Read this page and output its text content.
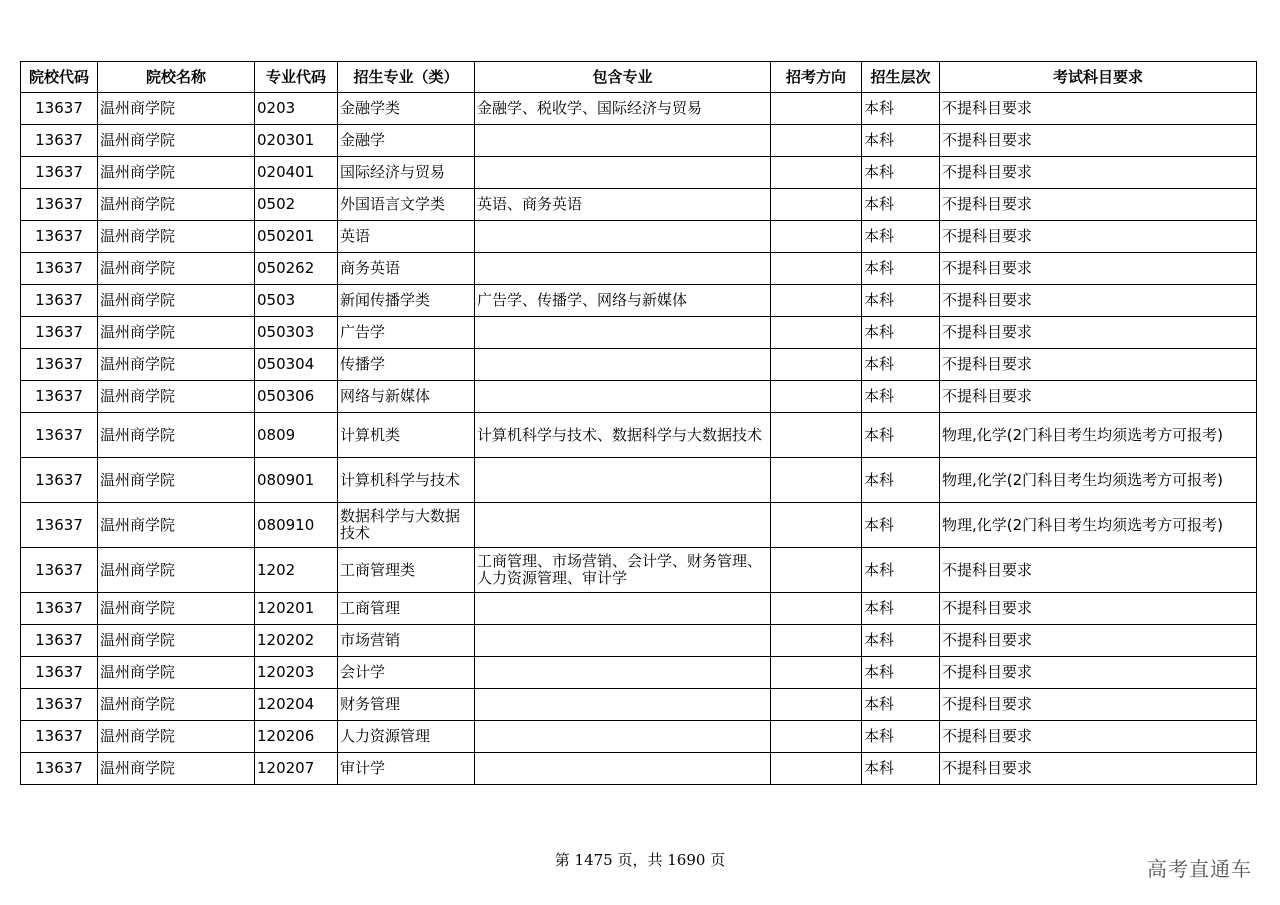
院校代码	院校名称	专业代码	招生专业（类）	包含专业	招考方向	招生层次	考试科目要求
13637	温州商学院	0203	金融学类	金融学、税收学、国际经济与贸易		本科	不提科目要求
13637	温州商学院	020301	金融学			本科	不提科目要求
13637	温州商学院	020401	国际经济与贸易			本科	不提科目要求
13637	温州商学院	0502	外国语言文学类	英语、商务英语		本科	不提科目要求
13637	温州商学院	050201	英语			本科	不提科目要求
13637	温州商学院	050262	商务英语			本科	不提科目要求
13637	温州商学院	0503	新闻传播学类	广告学、传播学、网络与新媒体		本科	不提科目要求
13637	温州商学院	050303	广告学			本科	不提科目要求
13637	温州商学院	050304	传播学			本科	不提科目要求
13637	温州商学院	050306	网络与新媒体			本科	不提科目要求
13637	温州商学院	0809	计算机类	计算机科学与技术、数据科学与大数据技术		本科	物理,化学(2门科目考生均须选考方可报考)
13637	温州商学院	080901	计算机科学与技术			本科	物理,化学(2门科目考生均须选考方可报考)
13637	温州商学院	080910	数据科学与大数据技术			本科	物理,化学(2门科目考生均须选考方可报考)
13637	温州商学院	1202	工商管理类	工商管理、市场营销、会计学、财务管理、人力资源管理、审计学		本科	不提科目要求
13637	温州商学院	120201	工商管理			本科	不提科目要求
13637	温州商学院	120202	市场营销			本科	不提科目要求
13637	温州商学院	120203	会计学			本科	不提科目要求
13637	温州商学院	120204	财务管理			本科	不提科目要求
13637	温州商学院	120206	人力资源管理			本科	不提科目要求
13637	温州商学院	120207	审计学			本科	不提科目要求
第 1475 页，共 1690 页	高考直通车
